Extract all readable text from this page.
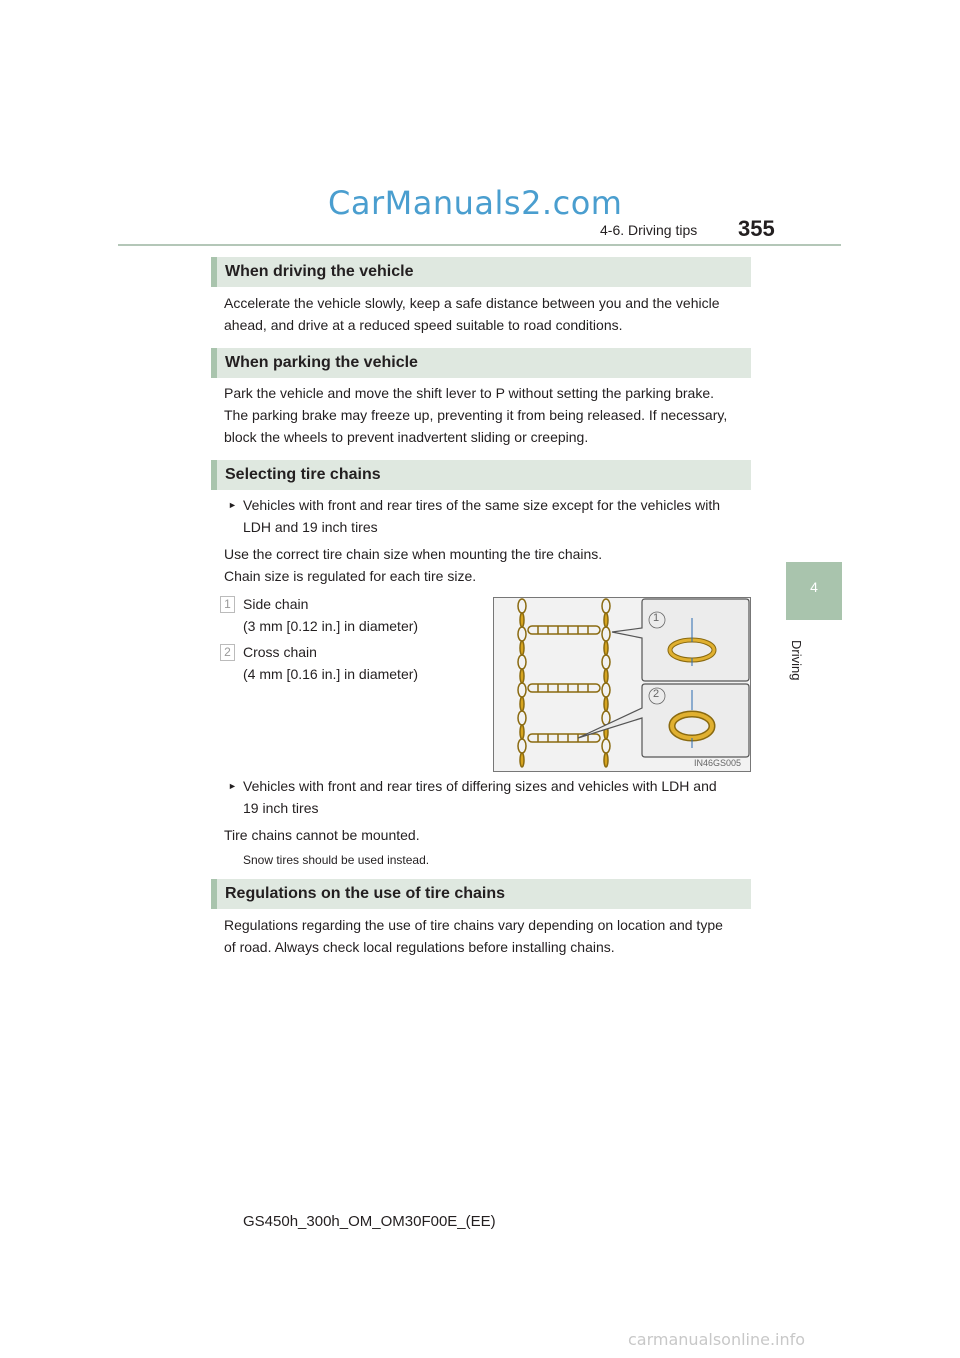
CarManuals2.com
4-6. Driving tips 355
4
Driving
When driving the vehicle
Accelerate the vehicle slowly, keep a safe distance between you and the vehicle
ahead, and drive at a reduced speed suitable to road conditions.
When parking the vehicle
Park the vehicle and move the shift lever to P without setting the parking brake.
The parking brake may freeze up, preventing it from being released. If necessary,
block the wheels to prevent inadvertent sliding or creeping.
Selecting tire chains
► Vehicles with front and rear tires of the same size except for the vehicles with
LDH and 19 inch tires
Use the correct tire chain size when mounting the tire chains.
Chain size is regulated for each tire size.
1 Side chain
(3 mm [0.12 in.] in diameter)
2 Cross chain
(4 mm [0.16 in.] in diameter)
1
2
IN46GS005
► Vehicles with front and rear tires of differing sizes and vehicles with LDH and
19 inch tires
Tire chains cannot be mounted.
Snow tires should be used instead.
Regulations on the use of tire chains
Regulations regarding the use of tire chains vary depending on location and type
of road. Always check local regulations before installing chains.
GS450h_300h_OM_OM30F00E_(EE)
carmanualsonline.info
